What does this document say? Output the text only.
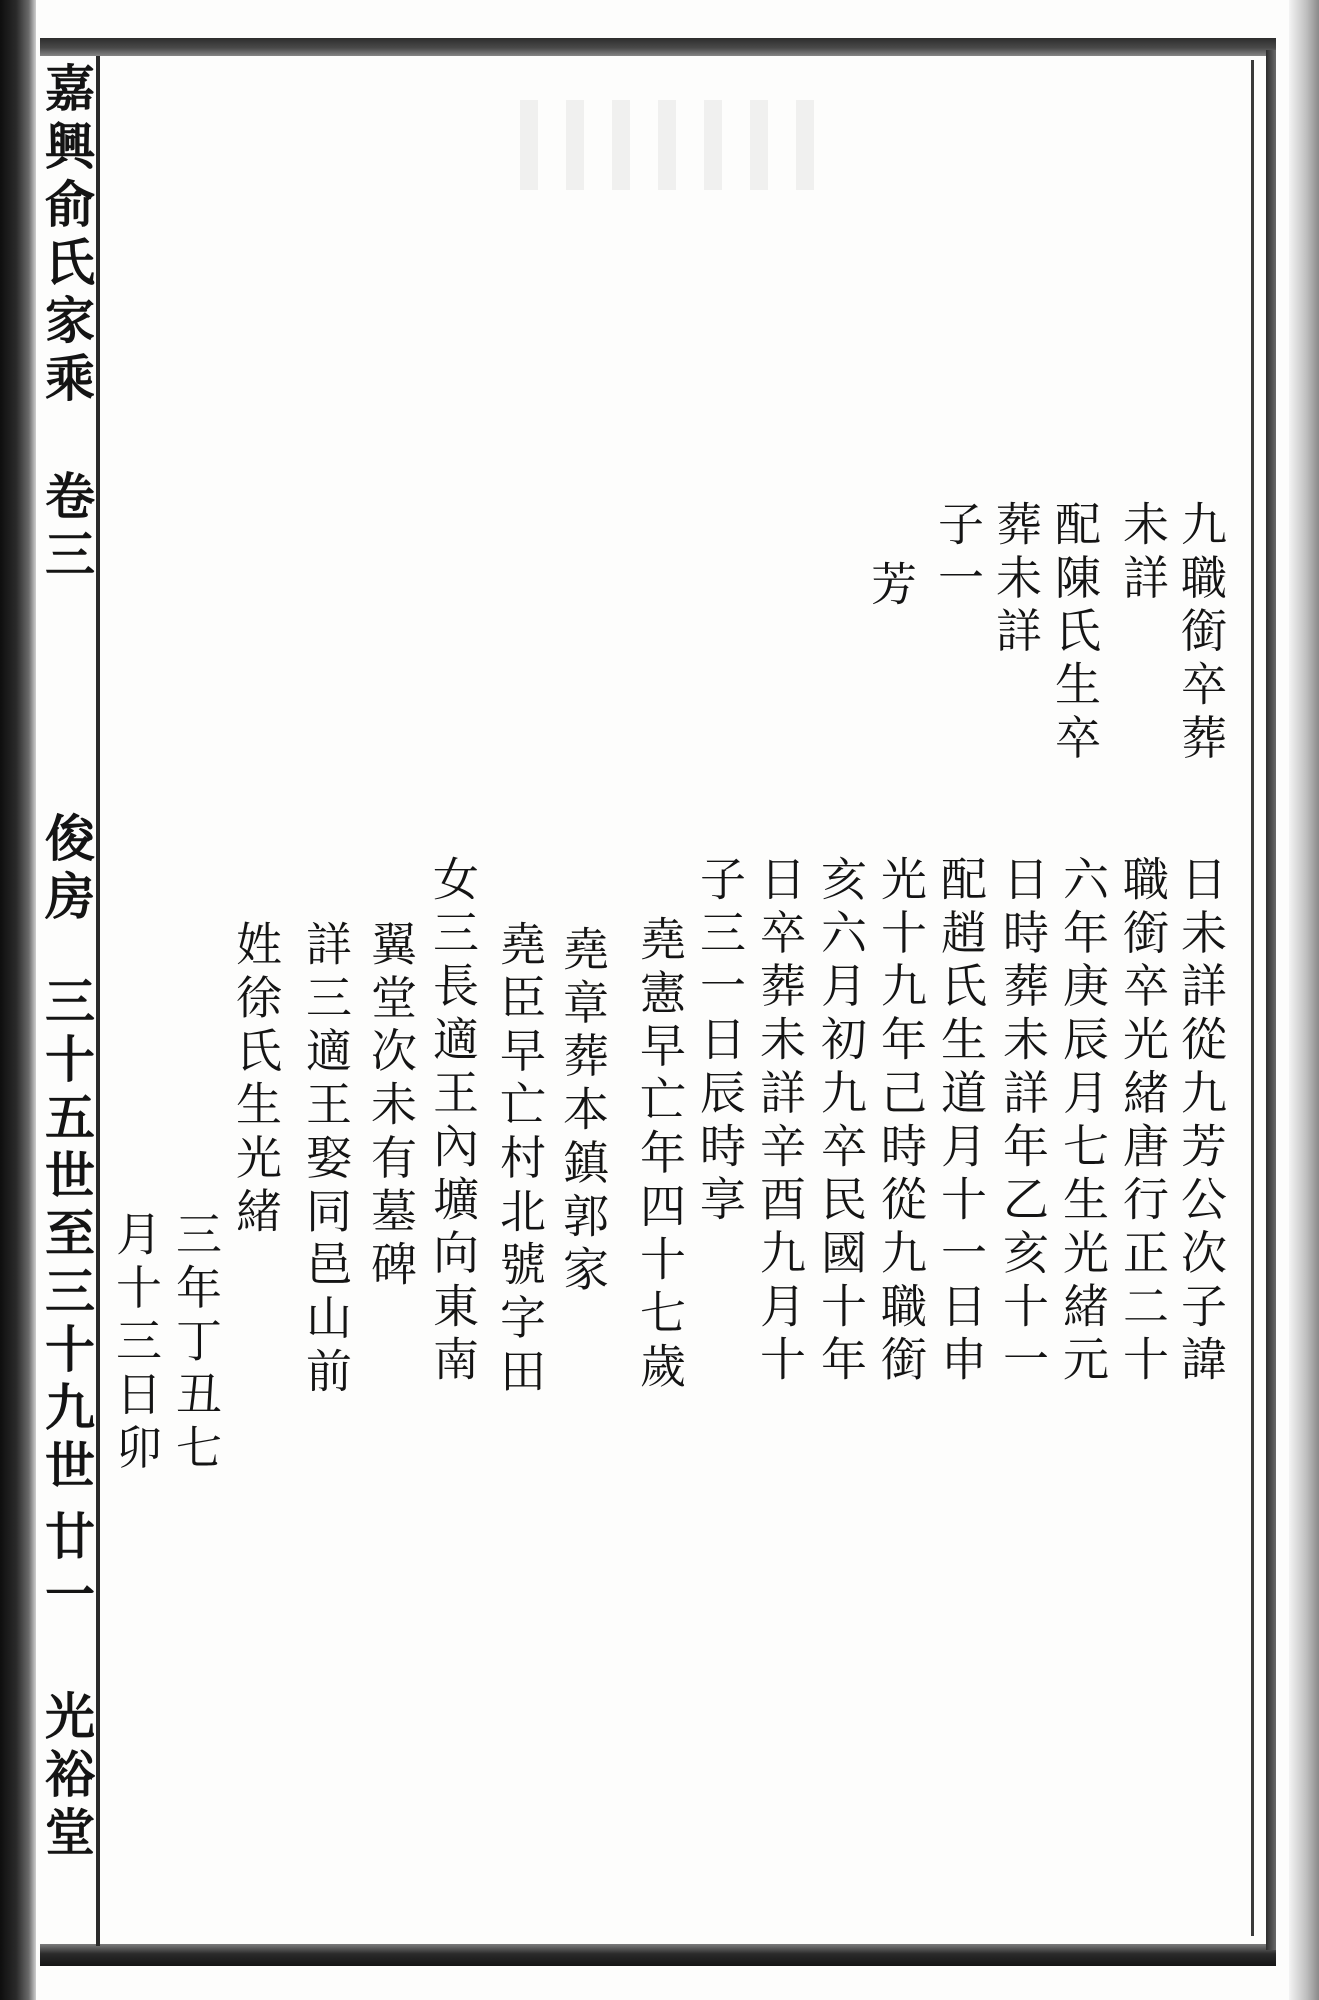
嘉興俞氏家乘
卷三
俊房
三十五世至三十九世
廿一
光裕堂
九職銜卒葬
未詳
配陳氏生卒
葬未詳
子一
芳
日未詳從九芳公次子諱
職銜卒光緒唐行正二十
六年庚辰月七生光緒元
日時葬未詳年乙亥十一
配趙氏生道月十一日申
光十九年己時從九職銜
亥六月初九卒民國十年
日卒葬未詳辛酉九月十
子三一日辰時享
堯憲早亡年四十七歲
堯章葬本鎮郭家
堯臣早亡村北號字田
女三長適王內壙向東南
翼堂次未有墓碑
詳三適王娶同邑山前
姓徐氏生光緒
三年丁丑七
月十三日卯
